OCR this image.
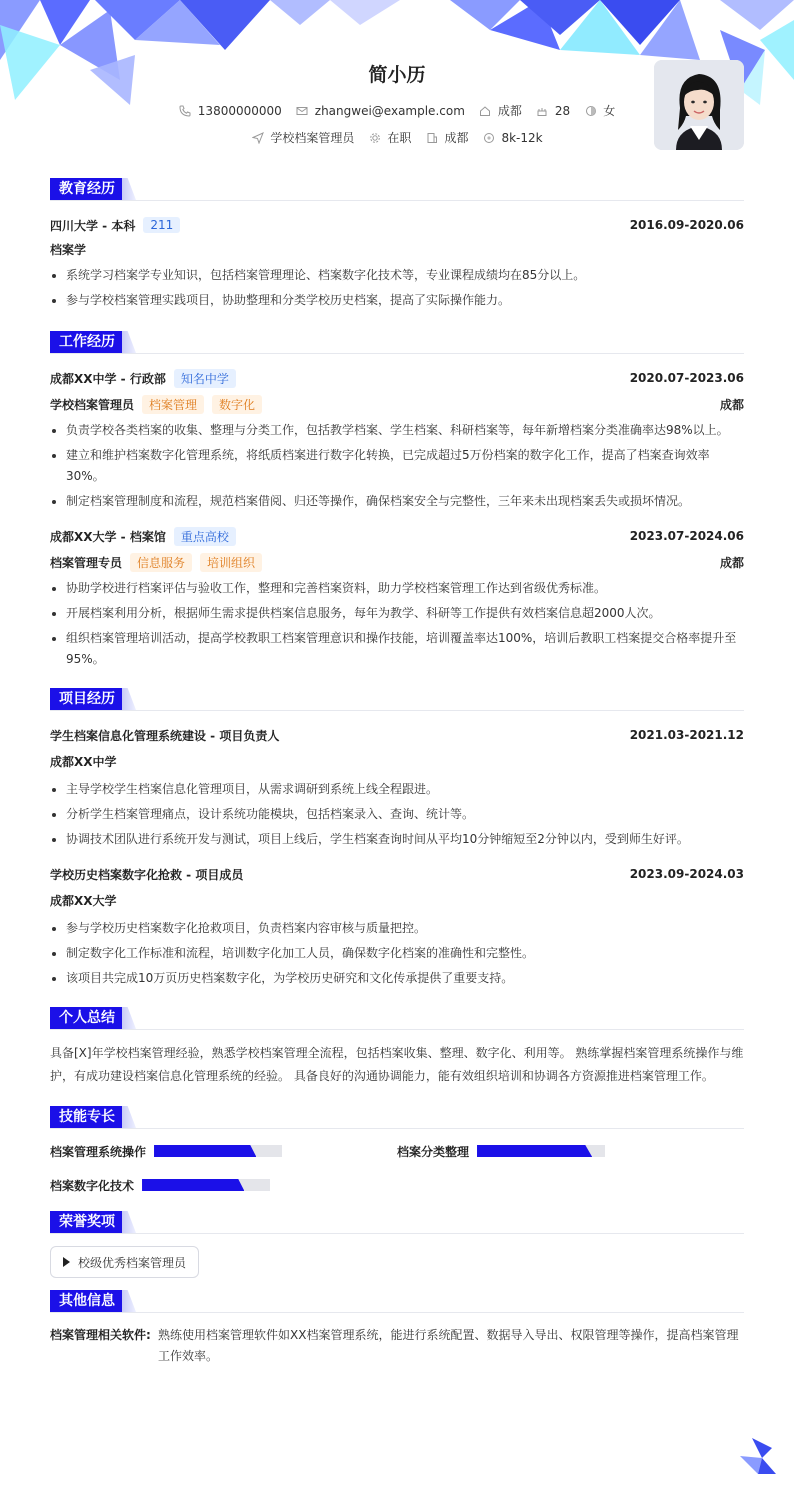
简小历
13800000000	zhangwei@example.com	成都	28	女
学校档案管理员	在职	成都	8k-12k
教育经历
四川大学 - 本科	211	2016.09-2020.06
档案学
系统学习档案学专业知识，包括档案管理理论、档案数字化技术等，专业课程成绩均在85分以上。
参与学校档案管理实践项目，协助整理和分类学校历史档案，提高了实际操作能力。
工作经历
成都XX中学 - 行政部	知名中学	2020.07-2023.06
学校档案管理员	档案管理	数字化	成都
负责学校各类档案的收集、整理与分类工作，包括教学档案、学生档案、科研档案等，每年新增档案分类准确率达98%以上。
建立和维护档案数字化管理系统，将纸质档案进行数字化转换，已完成超过5万份档案的数字化工作，提高了档案查询效率30%。
制定档案管理制度和流程，规范档案借阅、归还等操作，确保档案安全与完整性，三年来未出现档案丢失或损坏情况。
成都XX大学 - 档案馆	重点高校	2023.07-2024.06
档案管理专员	信息服务	培训组织	成都
协助学校进行档案评估与验收工作，整理和完善档案资料，助力学校档案管理工作达到省级优秀标准。
开展档案利用分析，根据师生需求提供档案信息服务，每年为教学、科研等工作提供有效档案信息超2000人次。
组织档案管理培训活动，提高学校教职工档案管理意识和操作技能，培训覆盖率达100%，培训后教职工档案提交合格率提升至95%。
项目经历
学生档案信息化管理系统建设 - 项目负责人	2021.03-2021.12
成都XX中学
主导学校学生档案信息化管理项目，从需求调研到系统上线全程跟进。
分析学生档案管理痛点，设计系统功能模块，包括档案录入、查询、统计等。
协调技术团队进行系统开发与测试，项目上线后，学生档案查询时间从平均10分钟缩短至2分钟以内，受到师生好评。
学校历史档案数字化抢救 - 项目成员	2023.09-2024.03
成都XX大学
参与学校历史档案数字化抢救项目，负责档案内容审核与质量把控。
制定数字化工作标准和流程，培训数字化加工人员，确保数字化档案的准确性和完整性。
该项目共完成10万页历史档案数字化，为学校历史研究和文化传承提供了重要支持。
个人总结
具备[X]年学校档案管理经验，熟悉学校档案管理全流程，包括档案收集、整理、数字化、利用等。 熟练掌握档案管理系统操作与维护，有成功建设档案信息化管理系统的经验。 具备良好的沟通协调能力，能有效组织培训和协调各方资源推进档案管理工作。
技能专长
档案管理系统操作	档案分类整理
档案数字化技术
荣誉奖项
校级优秀档案管理员
其他信息
档案管理相关软件: 熟练使用档案管理软件如XX档案管理系统，能进行系统配置、数据导入导出、权限管理等操作，提高档案管理工作效率。
